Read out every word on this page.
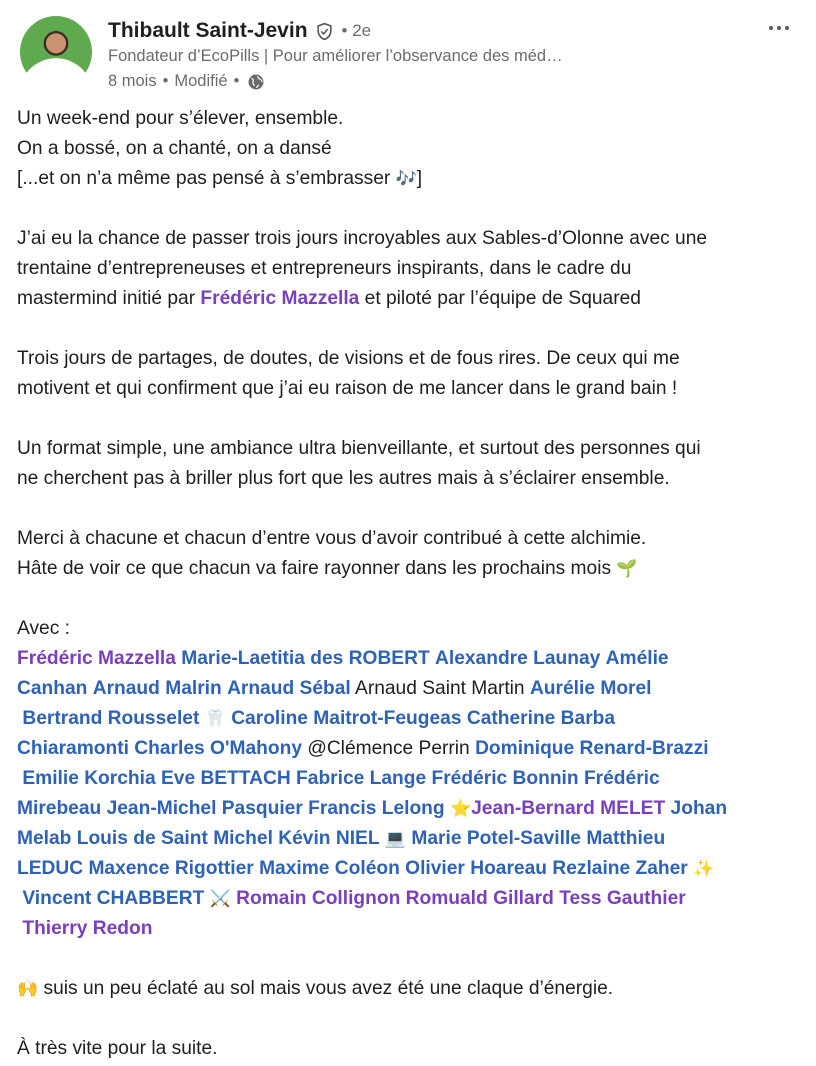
Thibault Saint-Jevin • 2e
Fondateur d’EcoPills | Pour améliorer l’observance des méd…
8 mois • Modifié •
Un week-end pour s’élever, ensemble.
On a bossé, on a chanté, on a dansé
[...et on n’a même pas pensé à s’embrasser 🎶]
J’ai eu la chance de passer trois jours incroyables aux Sables-d’Olonne avec une
trentaine d’entrepreneuses et entrepreneurs inspirants, dans le cadre du
mastermind initié par Frédéric Mazzella et piloté par l’équipe de Squared
Trois jours de partages, de doutes, de visions et de fous rires. De ceux qui me
motivent et qui confirment que j’ai eu raison de me lancer dans le grand bain !
Un format simple, une ambiance ultra bienveillante, et surtout des personnes qui
ne cherchent pas à briller plus fort que les autres mais à s’éclairer ensemble.
Merci à chacune et chacun d’entre vous d’avoir contribué à cette alchimie.
Hâte de voir ce que chacun va faire rayonner dans les prochains mois 🌱
Avec :
Frédéric Mazzella Marie-Laetitia des ROBERT Alexandre Launay Amélie
Canhan Arnaud Malrin Arnaud Sébal Arnaud Saint Martin Aurélie Morel
Bertrand Rousselet 🦷 Caroline Maitrot-Feugeas Catherine Barba
Chiaramonti Charles O'Mahony @Clémence Perrin Dominique Renard-Brazzi
Emilie Korchia Eve BETTACH Fabrice Lange Frédéric Bonnin Frédéric
Mirebeau Jean-Michel Pasquier Francis Lelong ⭐Jean-Bernard MELET Johan
Melab Louis de Saint Michel Kévin NIEL 💻 Marie Potel-Saville Matthieu
LEDUC Maxence Rigottier Maxime Coléon Olivier Hoareau Rezlaine Zaher ✨
Vincent CHABBERT ⚔️ Romain Collignon Romuald Gillard Tess Gauthier
Thierry Redon
🙌 suis un peu éclaté au sol mais vous avez été une claque d’énergie.
À très vite pour la suite.
